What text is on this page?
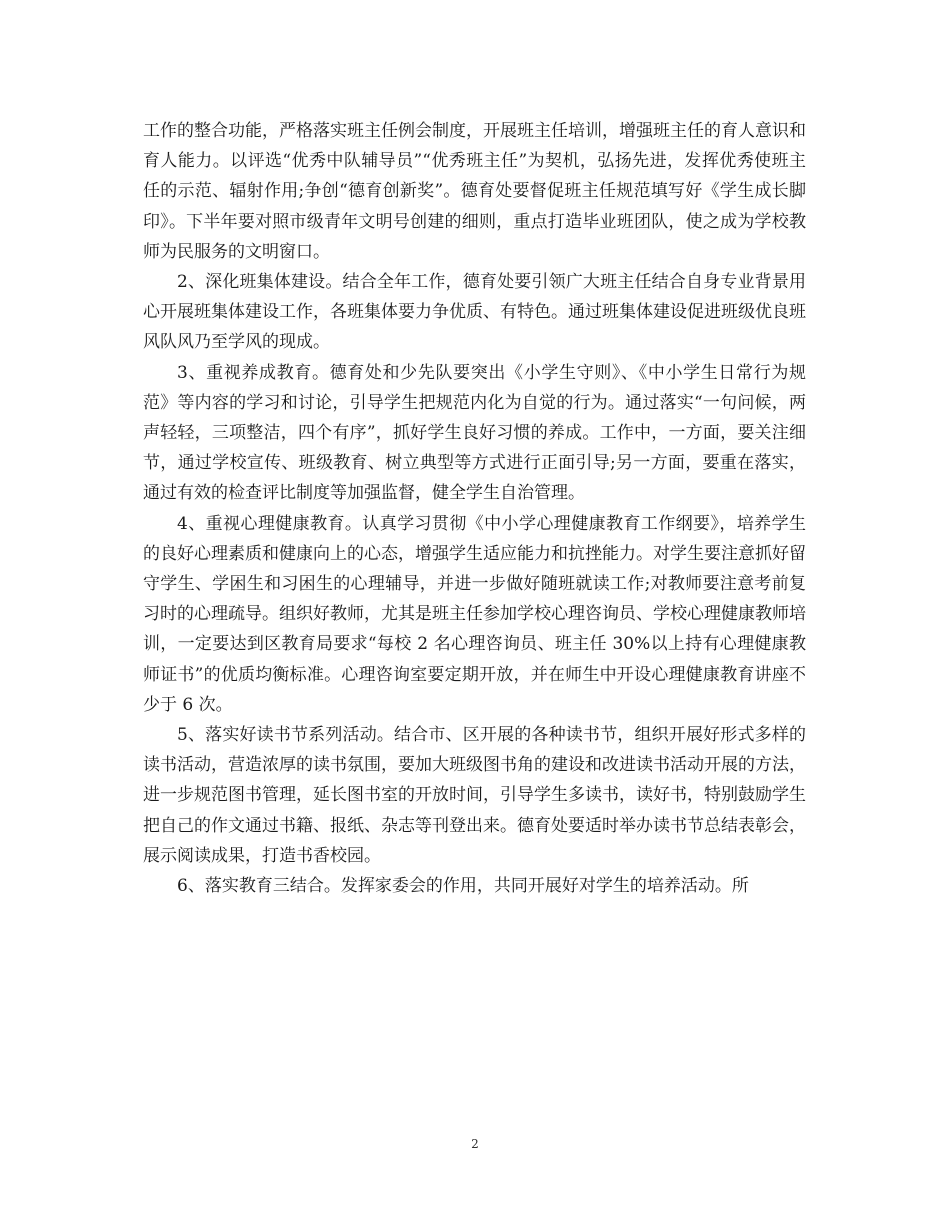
工作的整合功能，严格落实班主任例会制度，开展班主任培训，增强班主任的育人意识和育人能力。以评选“优秀中队辅导员”“优秀班主任”为契机，弘扬先进，发挥优秀使班主任的示范、辐射作用;争创“德育创新奖”。德育处要督促班主任规范填写好《学生成长脚印》。下半年要对照市级青年文明号创建的细则，重点打造毕业班团队，使之成为学校教师为民服务的文明窗口。

2、深化班集体建设。结合全年工作，德育处要引领广大班主任结合自身专业背景用心开展班集体建设工作，各班集体要力争优质、有特色。通过班集体建设促进班级优良班风队风乃至学风的现成。

3、重视养成教育。德育处和少先队要突出《小学生守则》、《中小学生日常行为规范》等内容的学习和讨论，引导学生把规范内化为自觉的行为。通过落实“一句问候，两声轻轻，三项整洁，四个有序”，抓好学生良好习惯的养成。工作中，一方面，要关注细节，通过学校宣传、班级教育、树立典型等方式进行正面引导;另一方面，要重在落实，通过有效的检查评比制度等加强监督，健全学生自治管理。

4、重视心理健康教育。认真学习贯彻《中小学心理健康教育工作纲要》，培养学生的良好心理素质和健康向上的心态，增强学生适应能力和抗挫能力。对学生要注意抓好留守学生、学困生和习困生的心理辅导，并进一步做好随班就读工作;对教师要注意考前复习时的心理疏导。组织好教师，尤其是班主任参加学校心理咨询员、学校心理健康教师培训，一定要达到区教育局要求“每校 2 名心理咨询员、班主任 30%以上持有心理健康教师证书”的优质均衡标准。心理咨询室要定期开放，并在师生中开设心理健康教育讲座不少于 6 次。

5、落实好读书节系列活动。结合市、区开展的各种读书节，组织开展好形式多样的读书活动，营造浓厚的读书氛围，要加大班级图书角的建设和改进读书活动开展的方法，进一步规范图书管理，延长图书室的开放时间，引导学生多读书，读好书，特别鼓励学生把自己的作文通过书籍、报纸、杂志等刊登出来。德育处要适时举办读书节总结表彰会，展示阅读成果，打造书香校园。

6、落实教育三结合。发挥家委会的作用，共同开展好对学生的培养活动。所

2
